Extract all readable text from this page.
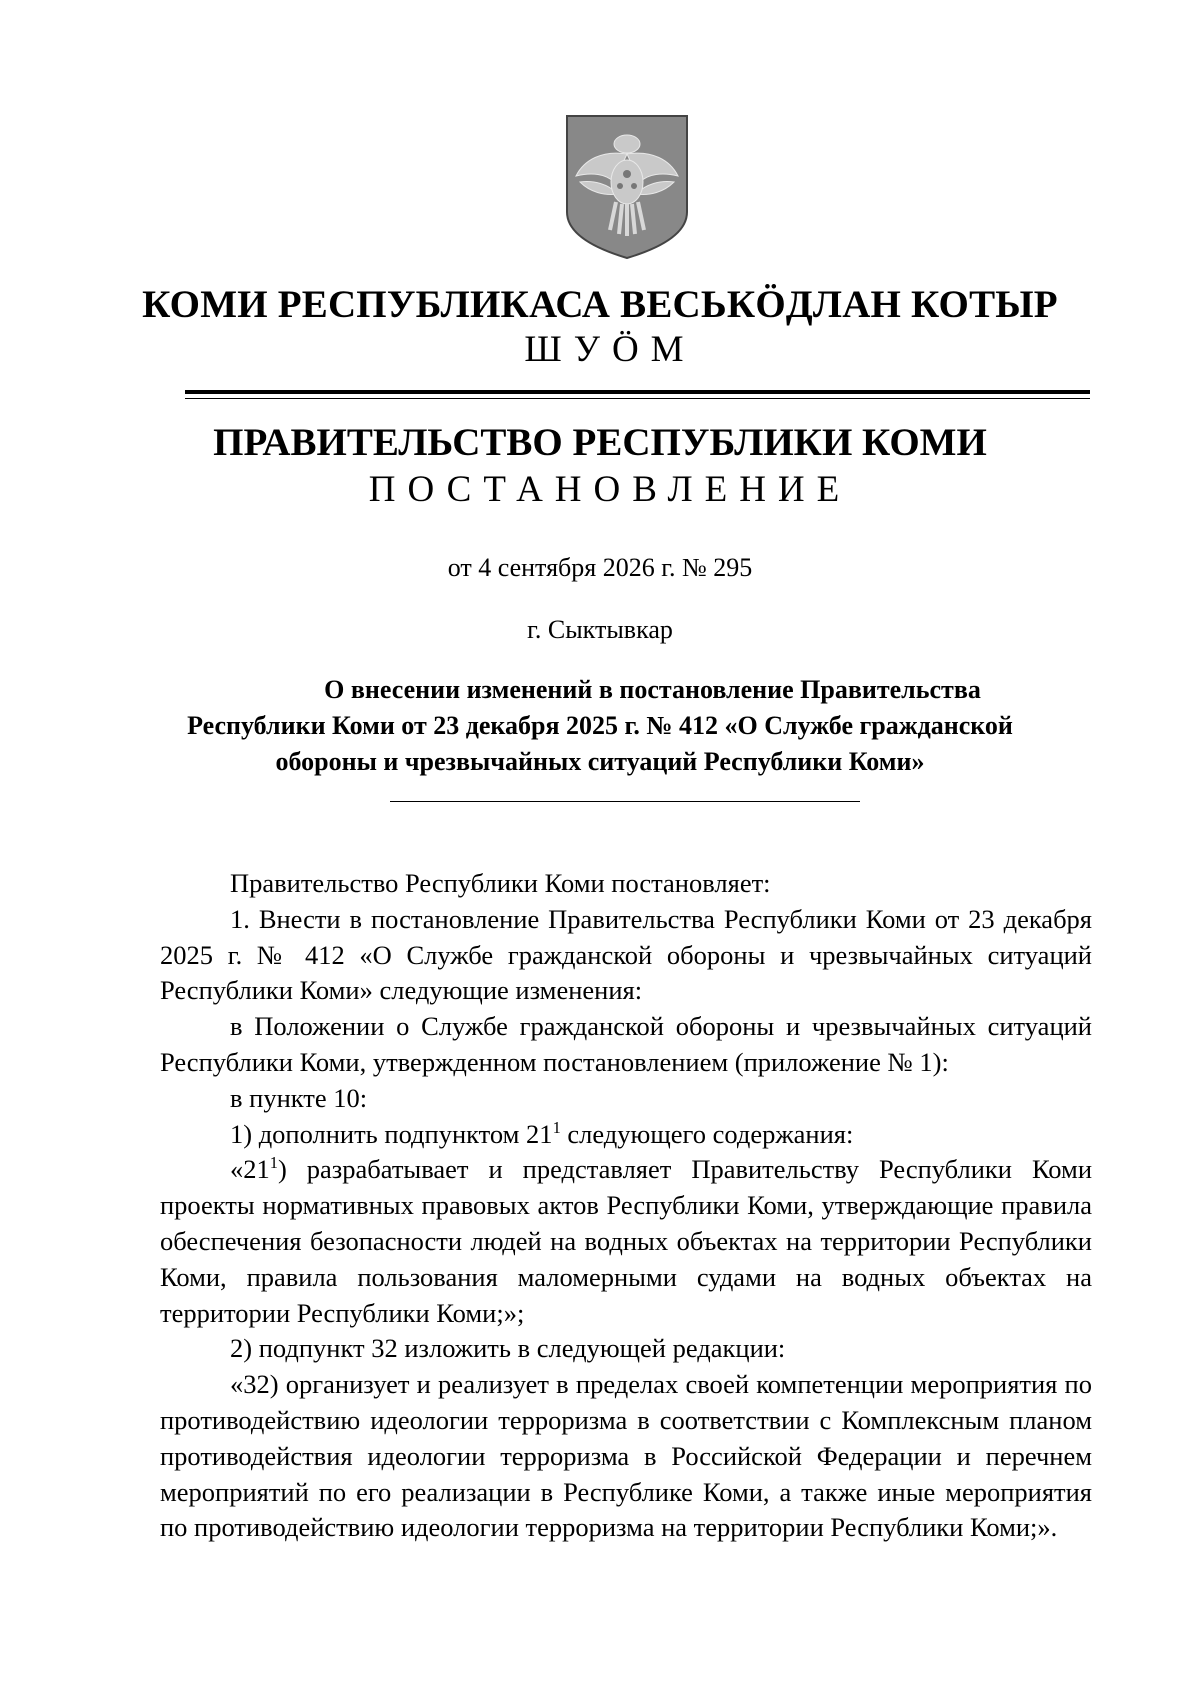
КОМИ РЕСПУБЛИКАСА ВЕСЬКӦДЛАН КОТЫР
ШУӦМ
ПРАВИТЕЛЬСТВО РЕСПУБЛИКИ КОМИ
ПОСТАНОВЛЕНИЕ
от 4 сентября 2026 г. № 295
г. Сыктывкар
О внесении изменений в постановление Правительства
Республики Коми от 23 декабря 2025 г. № 412 «О Службе гражданской
обороны и чрезвычайных ситуаций Республики Коми»

Правительство Республики Коми постановляет:

1. Внести в постановление Правительства Республики Коми от 23 декабря 2025 г. № 412 «О Службе гражданской обороны и чрезвычайных ситуаций Республики Коми» следующие изменения:

в Положении о Службе гражданской обороны и чрезвычайных ситуаций Республики Коми, утвержденном постановлением (приложение № 1):

в пункте 10:

1) дополнить подпунктом $21^1$ следующего содержания:

«$21^1$) разрабатывает и представляет Правительству Республики Коми проекты нормативных правовых актов Республики Коми, утверждающие правила обеспечения безопасности людей на водных объектах на территории Республики Коми, правила пользования маломерными судами на водных объектах на территории Республики Коми;»;

2) подпункт 32 изложить в следующей редакции:

«32) организует и реализует в пределах своей компетенции мероприятия по противодействию идеологии терроризма в соответствии с Комплексным планом противодействия идеологии терроризма в Российской Федерации и перечнем мероприятий по его реализации в Республике Коми, а также иные мероприятия по противодействию идеологии терроризма на территории Республики Коми;».
